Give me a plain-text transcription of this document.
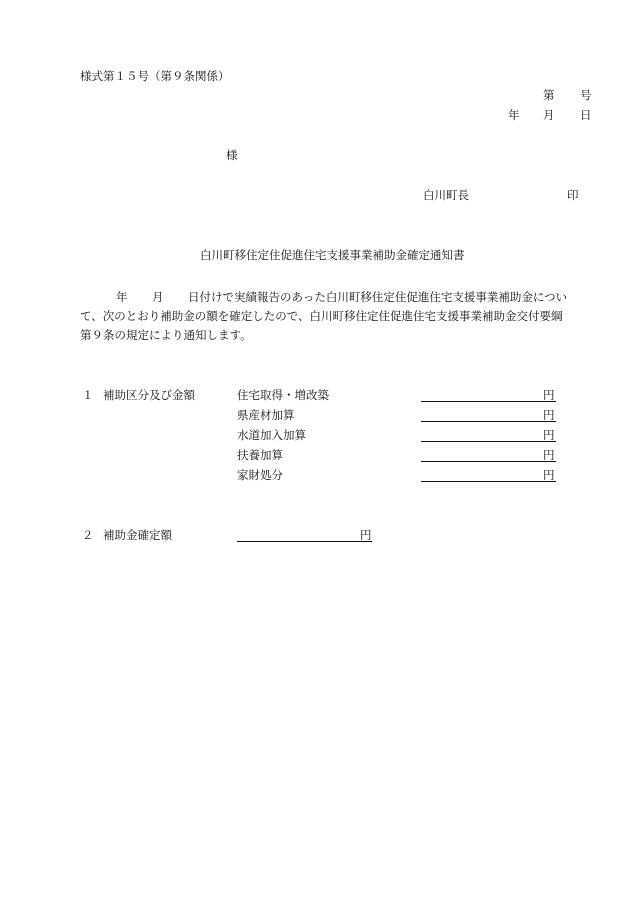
様式第１５号（第９条関係）
第 号
年 月 日
様
白川町長	印
白川町移住定住促進住宅支援事業補助金確定通知書
年 月 日付けで実績報告のあった白川町移住定住促進住宅支援事業補助金につい
て、次のとおり補助金の額を確定したので、白川町移住定住促進住宅支援事業補助金交付要綱
第９条の規定により通知します。
１ 補助区分及び金額	住宅取得・増改築	円
県産材加算	円
水道加入加算	円
扶養加算	円
家財処分	円
２ 補助金確定額	円
